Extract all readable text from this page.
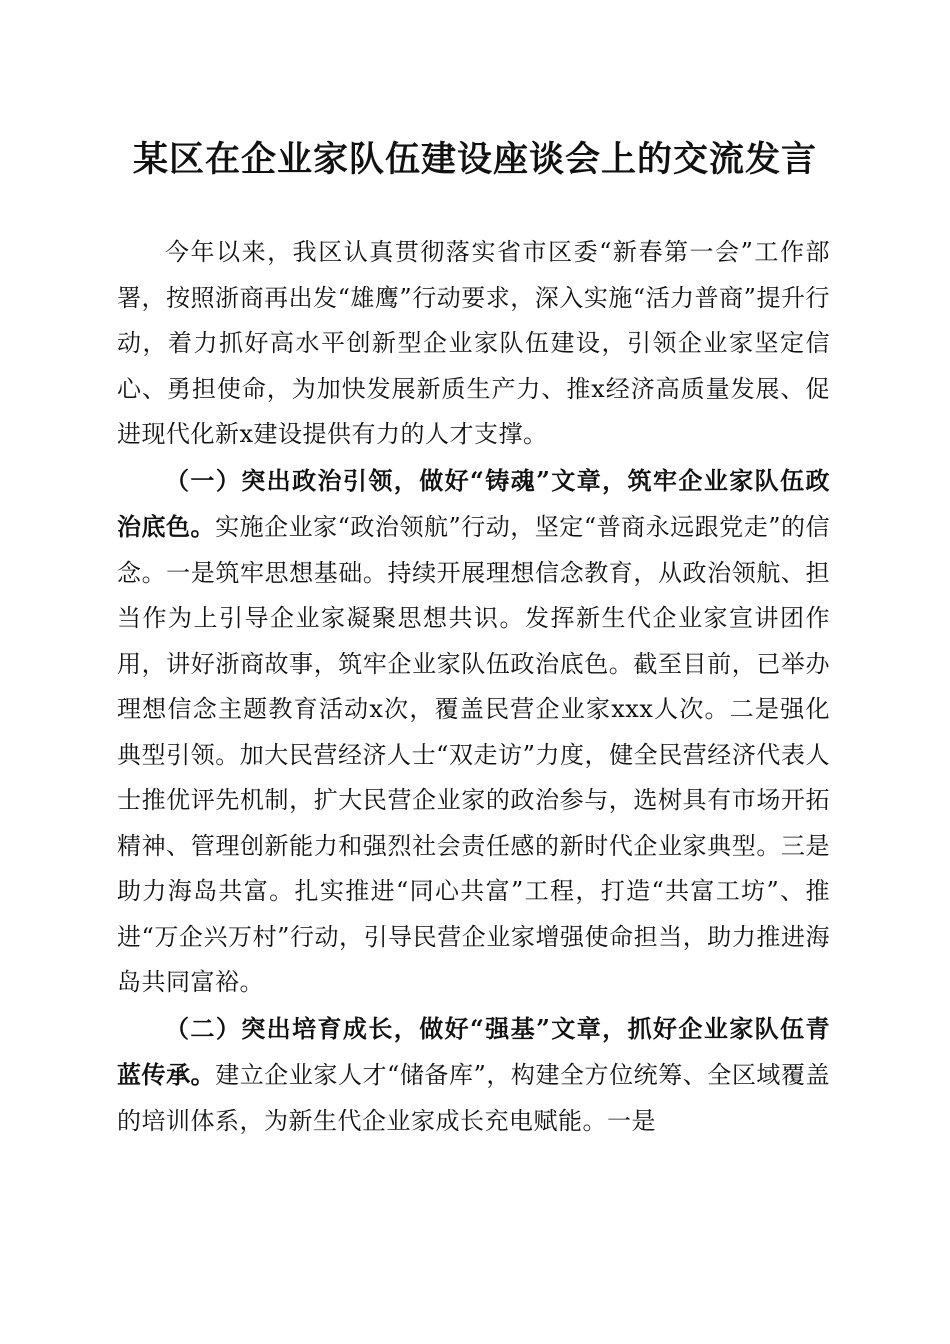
某区在企业家队伍建设座谈会上的交流发言

今年以来，我区认真贯彻落实省市区委“新春第一会”工作部署，按照浙商再出发“雄鹰”行动要求，深入实施“活力普商”提升行动，着力抓好高水平创新型企业家队伍建设，引领企业家坚定信心、勇担使命，为加快发展新质生产力、推x经济高质量发展、促进现代化新x建设提供有力的人才支撑。

（一）突出政治引领，做好“铸魂”文章，筑牢企业家队伍政治底色。实施企业家“政治领航”行动，坚定“普商永远跟党走”的信念。一是筑牢思想基础。持续开展理想信念教育，从政治领航、担当作为上引导企业家凝聚思想共识。发挥新生代企业家宣讲团作用，讲好浙商故事，筑牢企业家队伍政治底色。截至目前，已举办理想信念主题教育活动x次，覆盖民营企业家xxx人次。二是强化典型引领。加大民营经济人士“双走访”力度，健全民营经济代表人士推优评先机制，扩大民营企业家的政治参与，选树具有市场开拓精神、管理创新能力和强烈社会责任感的新时代企业家典型。三是助力海岛共富。扎实推进“同心共富”工程，打造“共富工坊”、推进“万企兴万村”行动，引导民营企业家增强使命担当，助力推进海岛共同富裕。

（二）突出培育成长，做好“强基”文章，抓好企业家队伍青蓝传承。建立企业家人才“储备库”，构建全方位统筹、全区域覆盖的培训体系，为新生代企业家成长充电赋能。一是
